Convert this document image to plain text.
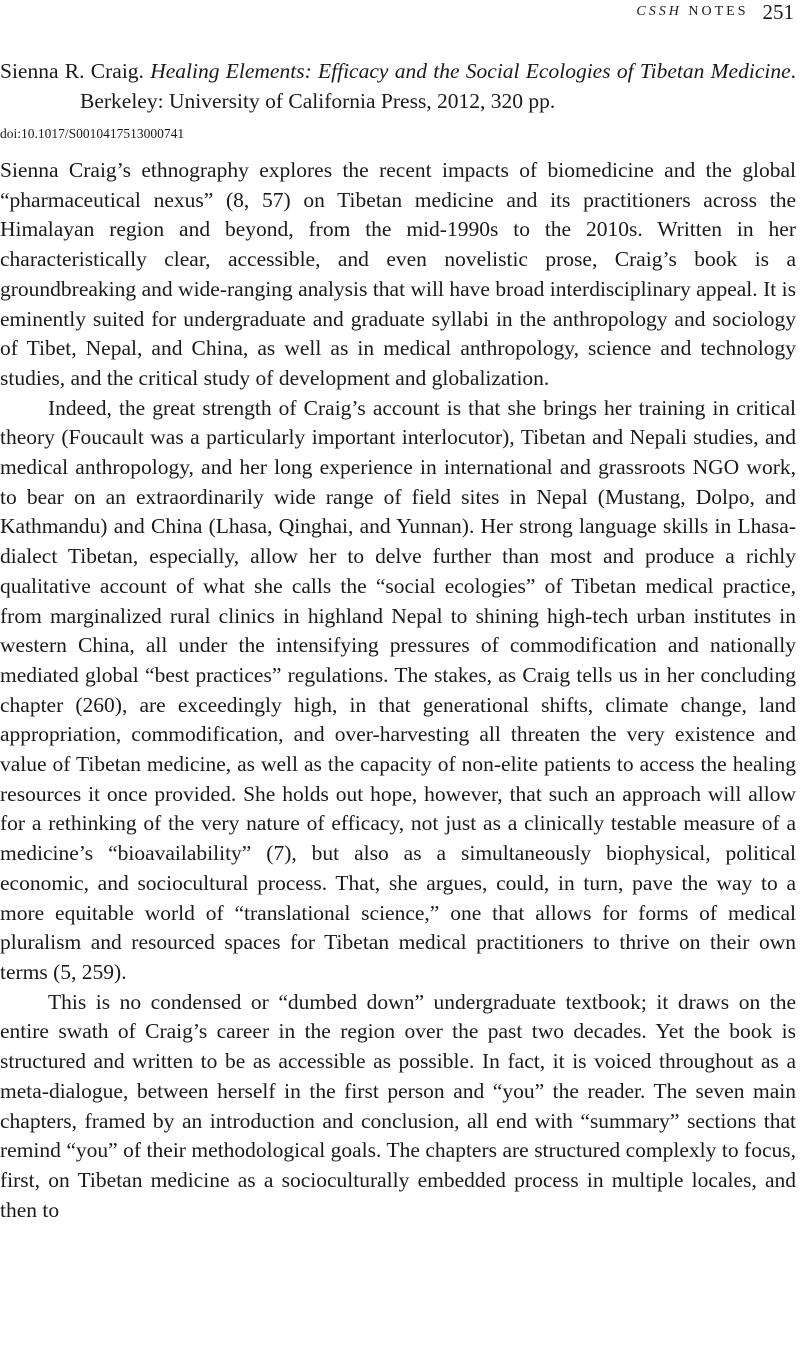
CSSH NOTES 251

Sienna R. Craig. Healing Elements: Efficacy and the Social Ecologies of Tibetan Medicine. Berkeley: University of California Press, 2012, 320 pp.

doi:10.1017/S0010417513000741

Sienna Craig’s ethnography explores the recent impacts of biomedicine and the global “pharmaceutical nexus” (8, 57) on Tibetan medicine and its practitioners across the Himalayan region and beyond, from the mid-1990s to the 2010s. Written in her characteristically clear, accessible, and even novelistic prose, Craig’s book is a groundbreaking and wide-ranging analysis that will have broad interdisciplinary appeal. It is eminently suited for undergraduate and graduate syllabi in the anthropology and sociology of Tibet, Nepal, and China, as well as in medical anthropology, science and technology studies, and the critical study of development and globalization.

Indeed, the great strength of Craig’s account is that she brings her training in critical theory (Foucault was a particularly important interlocutor), Tibetan and Nepali studies, and medical anthropology, and her long experience in international and grassroots NGO work, to bear on an extraordinarily wide range of field sites in Nepal (Mustang, Dolpo, and Kathmandu) and China (Lhasa, Qinghai, and Yunnan). Her strong language skills in Lhasa-dialect Tibetan, especially, allow her to delve further than most and produce a richly qualitative account of what she calls the “social ecologies” of Tibetan medical practice, from marginalized rural clinics in highland Nepal to shining high-tech urban institutes in western China, all under the intensifying pressures of commodification and nationally mediated global “best practices” regulations. The stakes, as Craig tells us in her concluding chapter (260), are exceedingly high, in that generational shifts, climate change, land appropriation, commodification, and over-harvesting all threaten the very existence and value of Tibetan medicine, as well as the capacity of non-elite patients to access the healing resources it once provided. She holds out hope, however, that such an approach will allow for a rethinking of the very nature of efficacy, not just as a clinically testable measure of a medicine’s “bioavailability” (7), but also as a simultaneously biophysical, political economic, and sociocultural process. That, she argues, could, in turn, pave the way to a more equitable world of “translational science,” one that allows for forms of medical pluralism and resourced spaces for Tibetan medical practitioners to thrive on their own terms (5, 259).

This is no condensed or “dumbed down” undergraduate textbook; it draws on the entire swath of Craig’s career in the region over the past two decades. Yet the book is structured and written to be as accessible as possible. In fact, it is voiced throughout as a meta-dialogue, between herself in the first person and “you” the reader. The seven main chapters, framed by an introduction and conclusion, all end with “summary” sections that remind “you” of their methodological goals. The chapters are structured complexly to focus, first, on Tibetan medicine as a socioculturally embedded process in multiple locales, and then to
